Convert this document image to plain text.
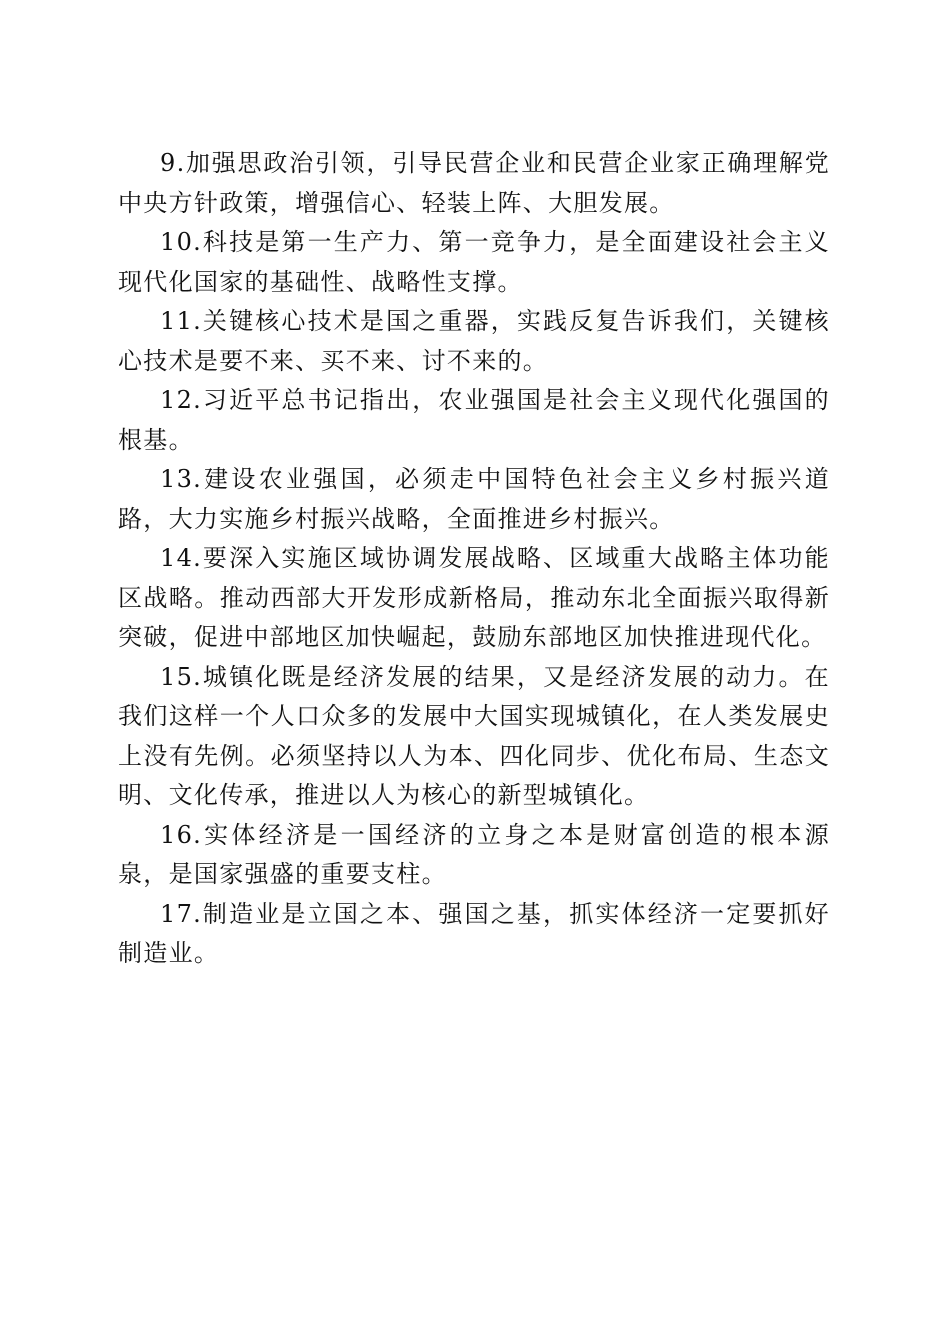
9.加强思政治引领，引导民营企业和民营企业家正确理解党中央方针政策，增强信心、轻装上阵、大胆发展。

10.科技是第一生产力、第一竞争力，是全面建设社会主义现代化国家的基础性、战略性支撑。

11.关键核心技术是国之重器，实践反复告诉我们，关键核心技术是要不来、买不来、讨不来的。

12.习近平总书记指出，农业强国是社会主义现代化强国的根基。

13.建设农业强国，必须走中国特色社会主义乡村振兴道路，大力实施乡村振兴战略，全面推进乡村振兴。

14.要深入实施区域协调发展战略、区域重大战略主体功能区战略。推动西部大开发形成新格局，推动东北全面振兴取得新突破，促进中部地区加快崛起，鼓励东部地区加快推进现代化。

15.城镇化既是经济发展的结果，又是经济发展的动力。在我们这样一个人口众多的发展中大国实现城镇化，在人类发展史上没有先例。必须坚持以人为本、四化同步、优化布局、生态文明、文化传承，推进以人为核心的新型城镇化。

16.实体经济是一国经济的立身之本是财富创造的根本源泉，是国家强盛的重要支柱。

17.制造业是立国之本、强国之基，抓实体经济一定要抓好制造业。
